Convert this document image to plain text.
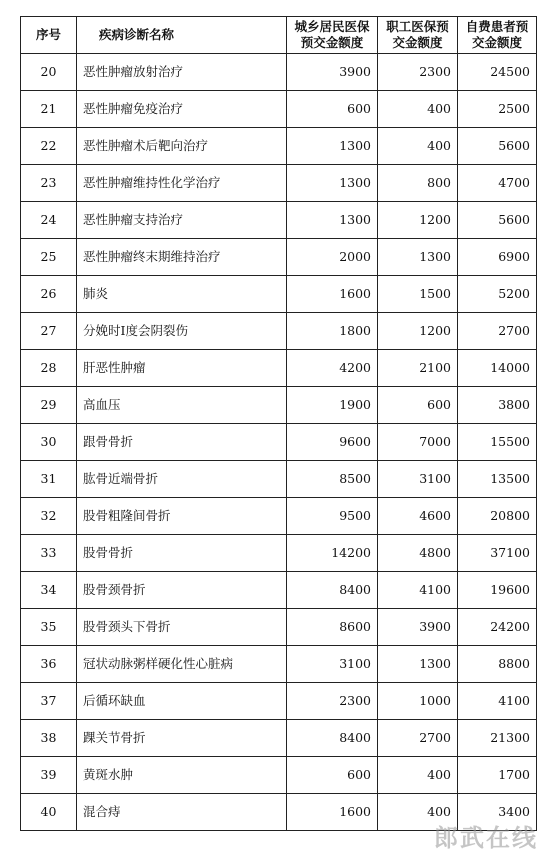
序号	疾病诊断名称	城乡居民医保预交金额度	职工医保预交金额度	自费患者预交金额度
20	恶性肿瘤放射治疗	3900	2300	24500
21	恶性肿瘤免疫治疗	600	400	2500
22	恶性肿瘤术后靶向治疗	1300	400	5600
23	恶性肿瘤维持性化学治疗	1300	800	4700
24	恶性肿瘤支持治疗	1300	1200	5600
25	恶性肿瘤终末期维持治疗	2000	1300	6900
26	肺炎	1600	1500	5200
27	分娩时Ⅰ度会阴裂伤	1800	1200	2700
28	肝恶性肿瘤	4200	2100	14000
29	高血压	1900	600	3800
30	跟骨骨折	9600	7000	15500
31	肱骨近端骨折	8500	3100	13500
32	股骨粗隆间骨折	9500	4600	20800
33	股骨骨折	14200	4800	37100
34	股骨颈骨折	8400	4100	19600
35	股骨颈头下骨折	8600	3900	24200
36	冠状动脉粥样硬化性心脏病	3100	1300	8800
37	后循环缺血	2300	1000	4100
38	踝关节骨折	8400	2700	21300
39	黄斑水肿	600	400	1700
40	混合痔	1600	400	3400
郎武在线
